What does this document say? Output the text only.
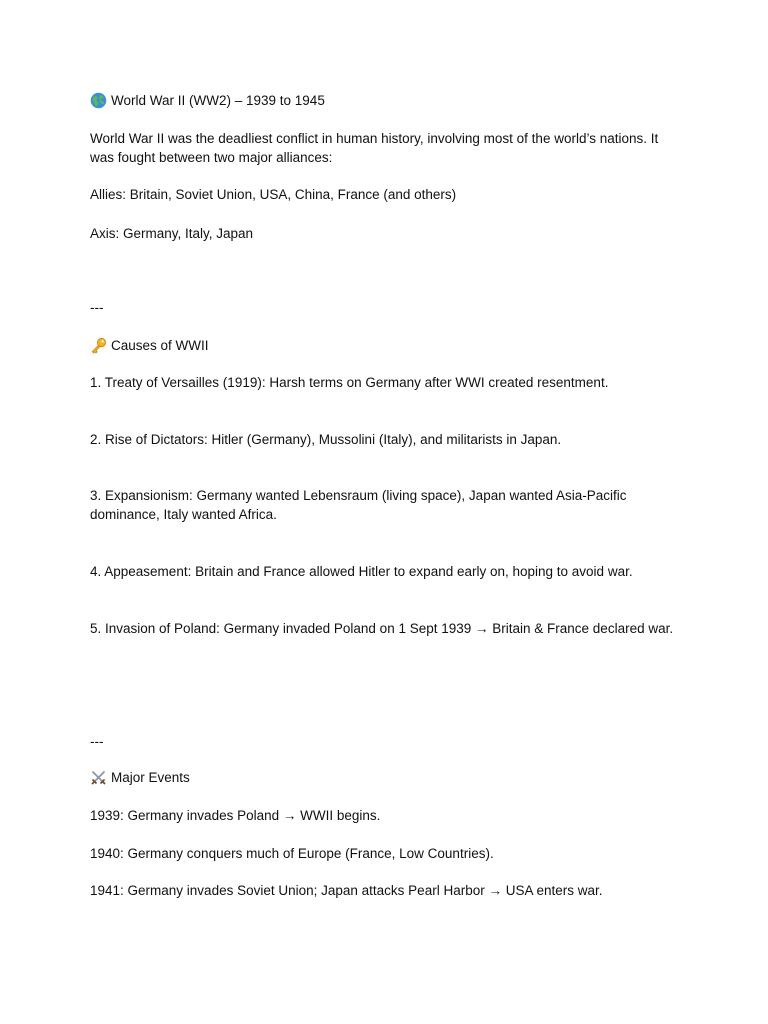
World War II (WW2) – 1939 to 1945
World War II was the deadliest conflict in human history, involving most of the world’s nations. It was fought between two major alliances:
Allies: Britain, Soviet Union, USA, China, France (and others)
Axis: Germany, Italy, Japan
---
Causes of WWII
1. Treaty of Versailles (1919): Harsh terms on Germany after WWI created resentment.
2. Rise of Dictators: Hitler (Germany), Mussolini (Italy), and militarists in Japan.
3. Expansionism: Germany wanted Lebensraum (living space), Japan wanted Asia-Pacific dominance, Italy wanted Africa.
4. Appeasement: Britain and France allowed Hitler to expand early on, hoping to avoid war.
5. Invasion of Poland: Germany invaded Poland on 1 Sept 1939 → Britain & France declared war.
---
Major Events
1939: Germany invades Poland → WWII begins.
1940: Germany conquers much of Europe (France, Low Countries).
1941: Germany invades Soviet Union; Japan attacks Pearl Harbor → USA enters war.
